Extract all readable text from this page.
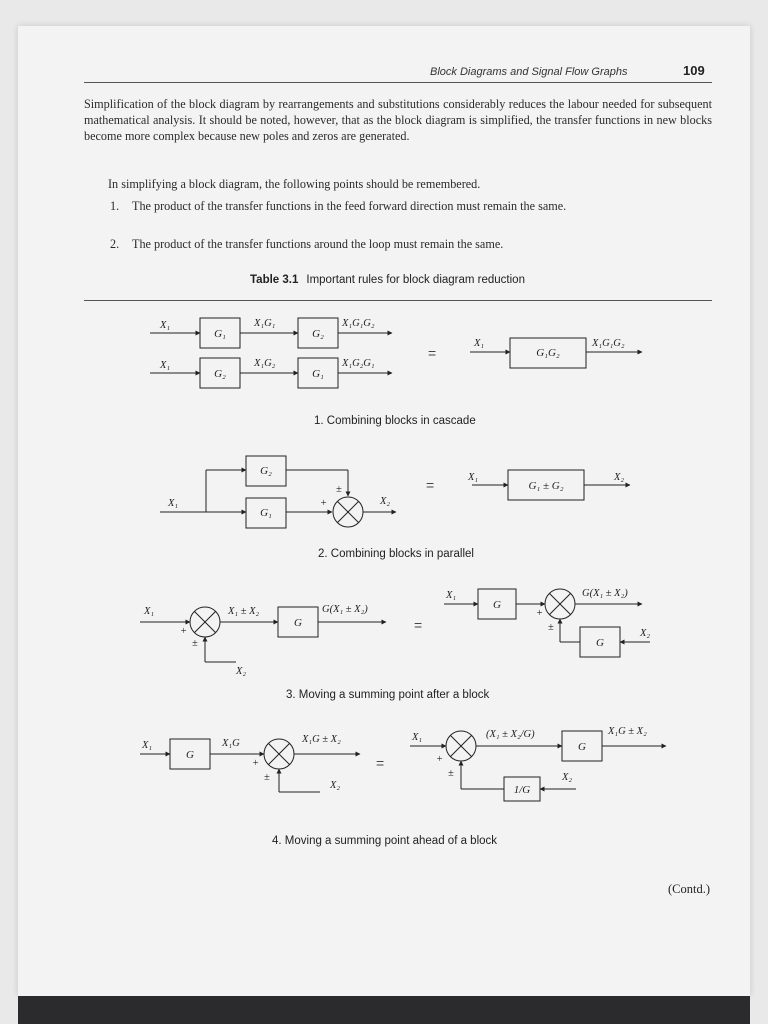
Block Diagrams and Signal Flow Graphs	109

Simplification of the block diagram by rearrangements and substitutions considerably reduces the labour needed for subsequent mathematical analysis. It should be noted, however, that as the block diagram is simplified, the transfer functions in new blocks become more complex because new poles and zeros are generated.

In simplifying a block diagram, the following points should be remembered.

1. The product of the transfer functions in the feed forward direction must remain the same.

2. The product of the transfer functions around the loop must remain the same.

Table 3.1 Important rules for block diagram reduction
X₁
G₁
X₁G₁
G₂
X₁G₁G₂
X₁
G₂
X₁G₂
G₁
X₁G₂G₁
=
X₁
G₁G₂
X₁G₁G₂
1. Combining blocks in cascade
X₁
G₂
G₁
±
+	X₂
=	X₁
G₁ ± G₂
X₂
2. Combining blocks in parallel
X₁
+
±
X₁ ± X₂
G
G(X₁ ± X₂)
X₂
=
X₁
G
+
±
G(X₁ ± X₂)
G
X₂
3. Moving a summing point after a block
X₁
G
X₁G
+
±
X₁G ± X₂
X₂
=
X₁
+
±
(X₁ ± X₂/G)
G
X₁G ± X₂
1/G
X₂
4. Moving a summing point ahead of a block
(Contd.)
